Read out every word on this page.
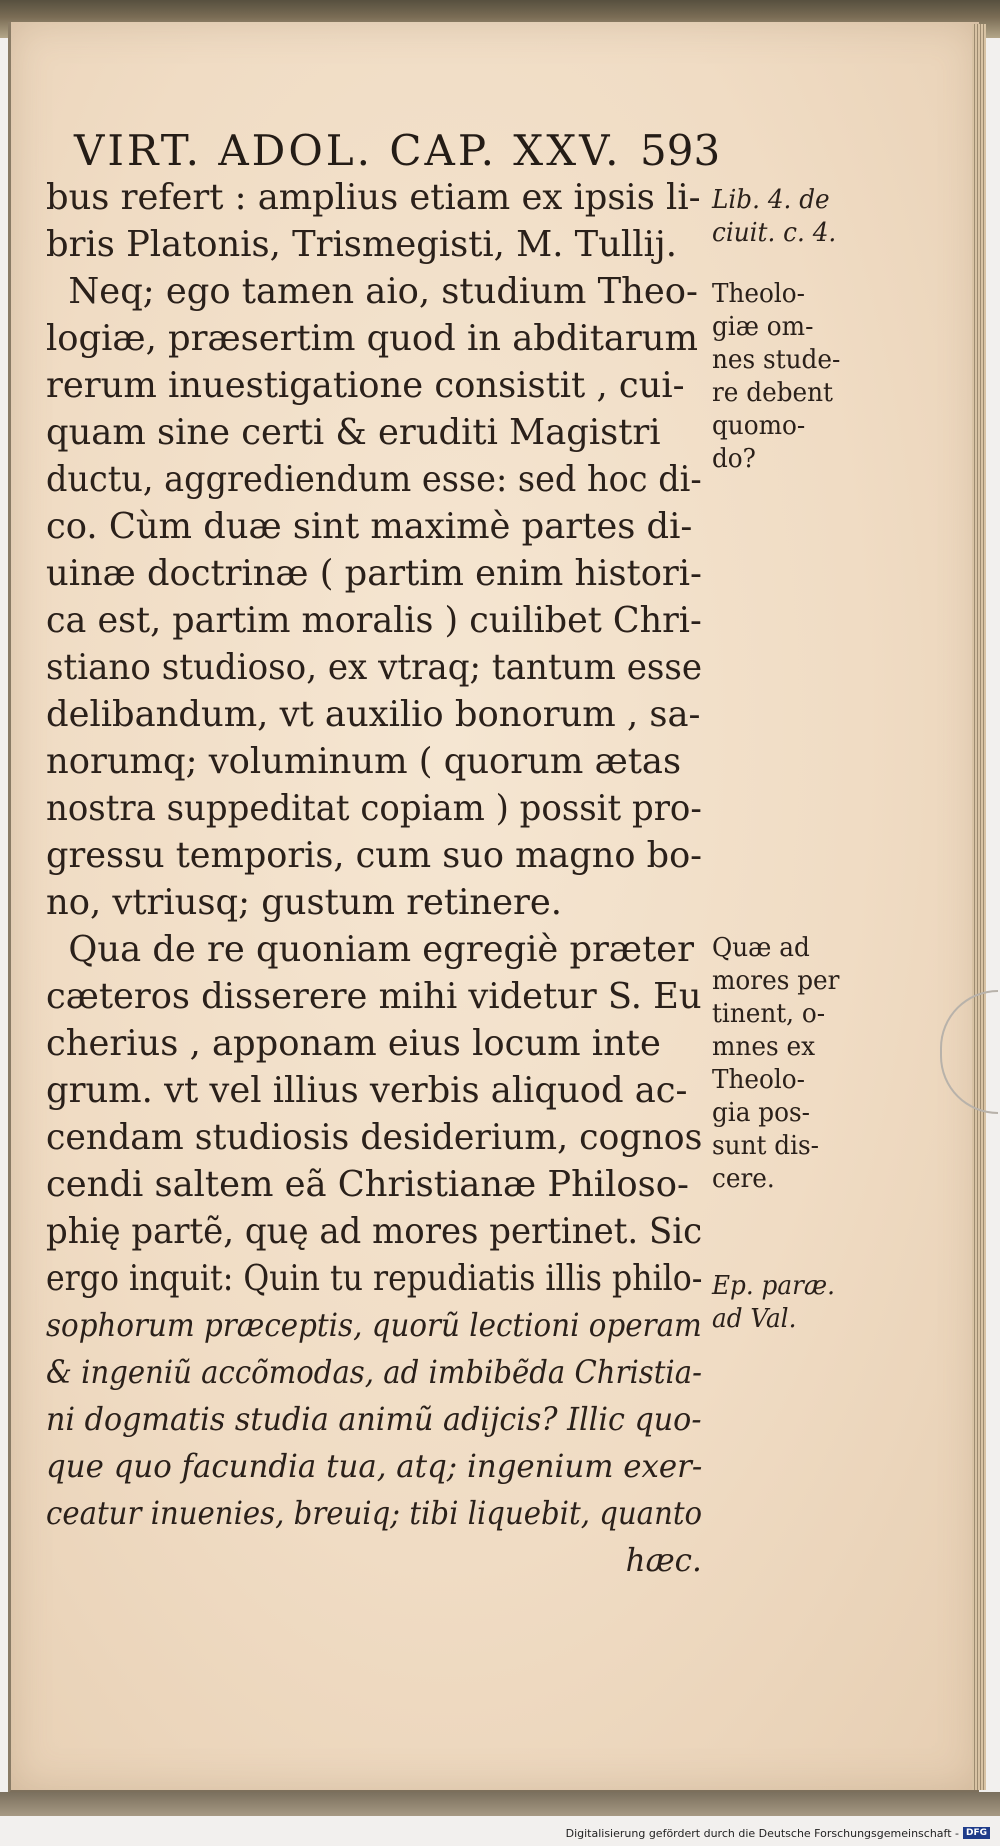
VIRT. ADOL. CAP. XXV. 593
bus refert : amplius etiam ex ipsis li-
bris Platonis, Trismegisti, M. Tullij.
Neq; ego tamen aio, studium Theo-
logiæ, præsertim quod in abditarum
rerum inuestigatione consistit , cui-
quam sine certi & eruditi Magistri
ductu, aggrediendum esse: sed hoc di-
co. Cùm duæ sint maximè partes di-
uinæ doctrinæ ( partim enim histori-
ca est, partim moralis ) cuilibet Chri-
stiano studioso, ex vtraq; tantum esse
delibandum, vt auxilio bonorum , sa-
norumq; voluminum ( quorum ætas
nostra suppeditat copiam ) possit pro-
gressu temporis, cum suo magno bo-
no, vtriusq; gustum retinere.
Qua de re quoniam egregiè præter
cæteros disserere mihi videtur S. Eu
cherius , apponam eius locum inte
grum. vt vel illius verbis aliquod ac-
cendam studiosis desiderium, cognos
cendi saltem eã Christianæ Philoso-
phię partẽ, quę ad mores pertinet. Sic
ergo inquit: Quin tu repudiatis illis philo-
sophorum præceptis, quorũ lectioni operam
& ingeniũ accõmodas, ad imbibẽda Christia-
ni dogmatis studia animũ adijcis? Illic quo-
que quo facundia tua, atq; ingenium exer-
ceatur inuenies, breuiq; tibi liquebit, quanto
hæc.
Lib. 4. de
ciuit. c. 4.
Theolo-
giæ om-
nes stude-
re debent
quomo-
do?
Quæ ad
mores per
tinent, o-
mnes ex
Theolo-
gia pos-
sunt dis-
cere.
Ep. paræ.
ad Val.
Digitalisierung gefördert durch die Deutsche Forschungsgemeinschaft - DFG
